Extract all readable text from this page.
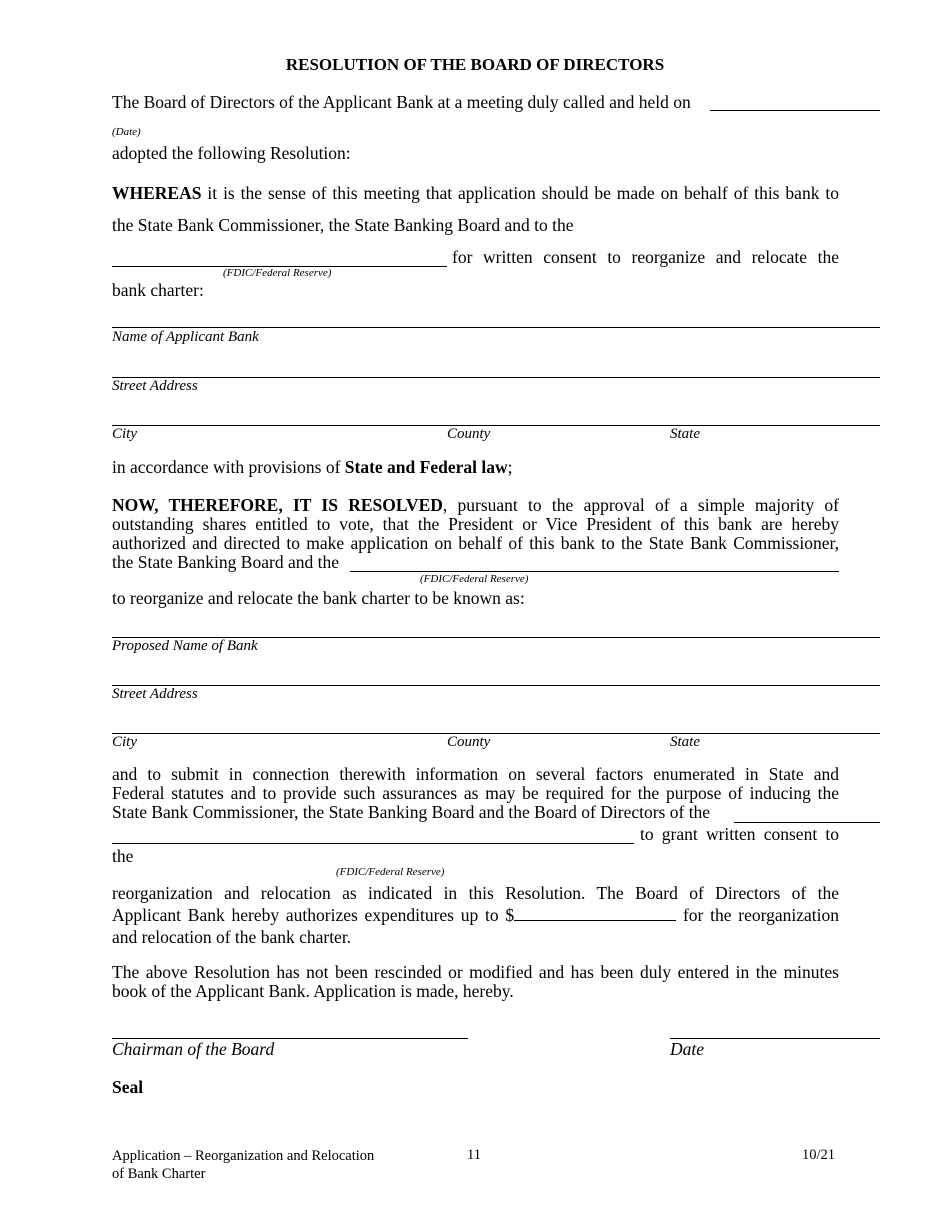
RESOLUTION OF THE BOARD OF DIRECTORS
The Board of Directors of the Applicant Bank at a meeting duly called and held on
(Date)
adopted the following Resolution:
WHEREAS it is the sense of this meeting that application should be made on behalf of this bank to
the State Bank Commissioner, the State Banking Board and to the
for written consent to reorganize and relocate the
(FDIC/Federal Reserve)
bank charter:
Name of Applicant Bank
Street Address
City	County	State
in accordance with provisions of State and Federal law;
NOW, THEREFORE, IT IS RESOLVED, pursuant to the approval of a simple majority of
outstanding shares entitled to vote, that the President or Vice President of this bank are hereby
authorized and directed to make application on behalf of this bank to the State Bank Commissioner,
the State Banking Board and the
(FDIC/Federal Reserve)
to reorganize and relocate the bank charter to be known as:
Proposed Name of Bank
Street Address
City	County	State
and to submit in connection therewith information on several factors enumerated in State and
Federal statutes and to provide such assurances as may be required for the purpose of inducing the
State Bank Commissioner, the State Banking Board and the Board of Directors of the
to grant written consent to
the
(FDIC/Federal Reserve)
reorganization and relocation as indicated in this Resolution. The Board of Directors of the
Applicant Bank hereby authorizes expenditures up to $	for the reorganization
and relocation of the bank charter.
The above Resolution has not been rescinded or modified and has been duly entered in the minutes
book of the Applicant Bank. Application is made, hereby.
Chairman of the Board	Date
Seal
Application – Reorganization and Relocation
of Bank Charter
11	10/21
